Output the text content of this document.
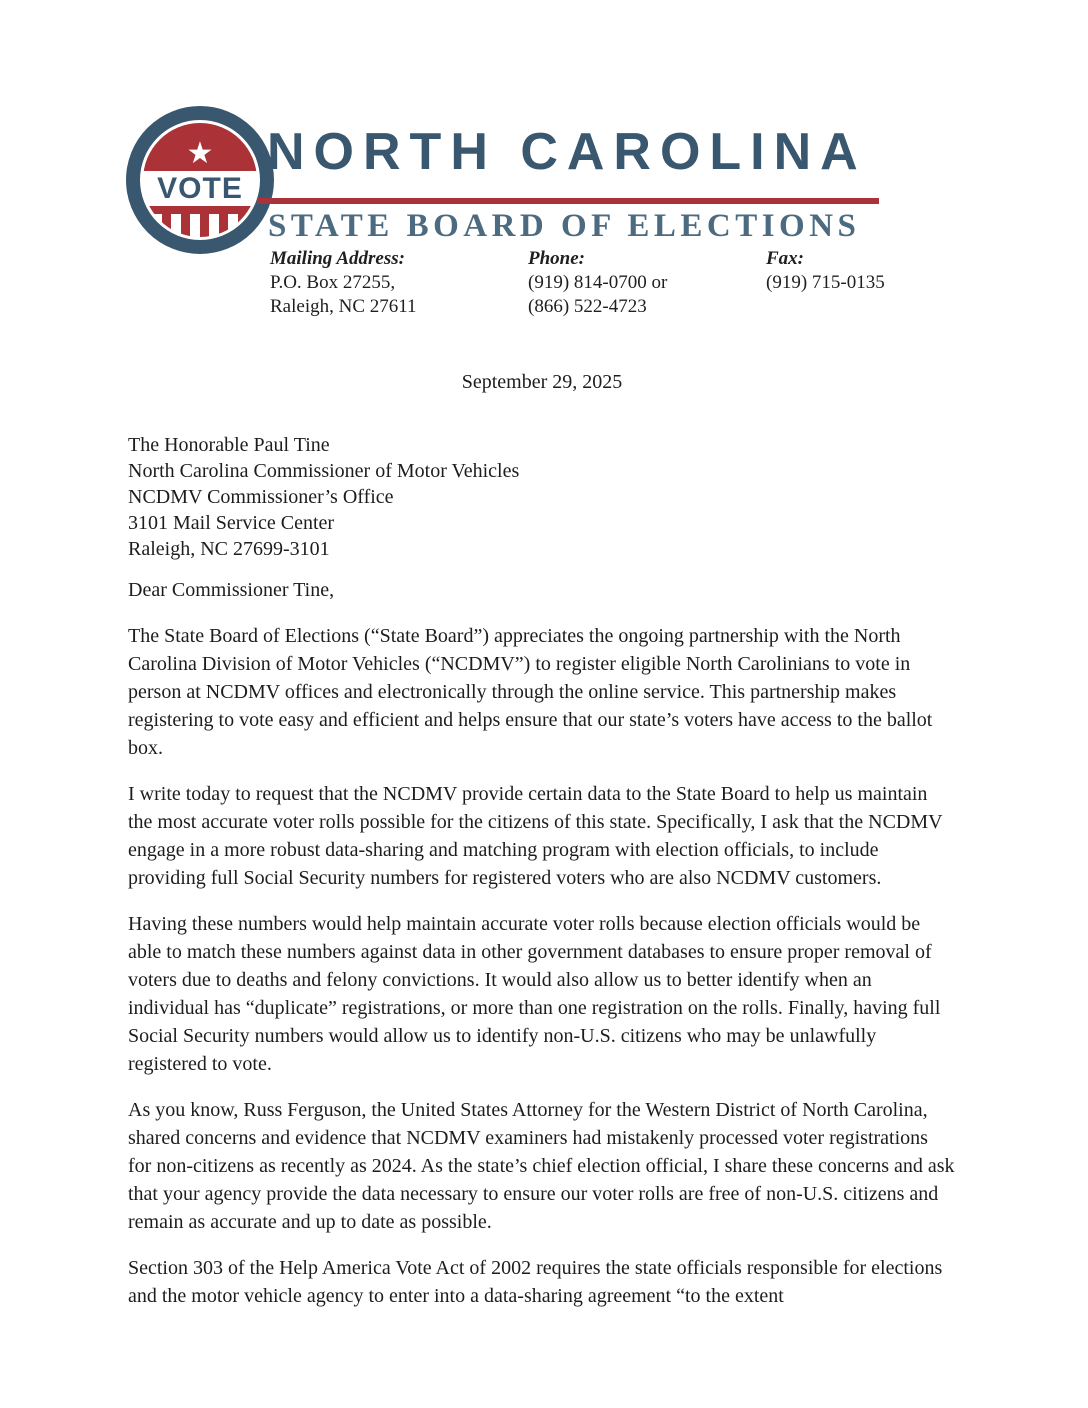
★
VOTE
NORTH CAROLINA
STATE BOARD OF ELECTIONS
Mailing Address:
P.O. Box 27255,
Raleigh, NC 27611
Phone:
(919) 814-0700 or
(866) 522-4723
Fax:
(919) 715-0135
September 29, 2025
The Honorable Paul Tine
North Carolina Commissioner of Motor Vehicles
NCDMV Commissioner’s Office
3101 Mail Service Center
Raleigh, NC 27699-3101
Dear Commissioner Tine,

The State Board of Elections (“State Board”) appreciates the ongoing partnership with the North Carolina Division of Motor Vehicles (“NCDMV”) to register eligible North Carolinians to vote in person at NCDMV offices and electronically through the online service. This partnership makes registering to vote easy and efficient and helps ensure that our state’s voters have access to the ballot box.

I write today to request that the NCDMV provide certain data to the State Board to help us maintain the most accurate voter rolls possible for the citizens of this state. Specifically, I ask that the NCDMV engage in a more robust data-sharing and matching program with election officials, to include providing full Social Security numbers for registered voters who are also NCDMV customers.

Having these numbers would help maintain accurate voter rolls because election officials would be able to match these numbers against data in other government databases to ensure proper removal of voters due to deaths and felony convictions. It would also allow us to better identify when an individual has “duplicate” registrations, or more than one registration on the rolls. Finally, having full Social Security numbers would allow us to identify non-U.S. citizens who may be unlawfully registered to vote.

As you know, Russ Ferguson, the United States Attorney for the Western District of North Carolina, shared concerns and evidence that NCDMV examiners had mistakenly processed voter registrations for non-citizens as recently as 2024. As the state’s chief election official, I share these concerns and ask that your agency provide the data necessary to ensure our voter rolls are free of non-U.S. citizens and remain as accurate and up to date as possible.

Section 303 of the Help America Vote Act of 2002 requires the state officials responsible for elections and the motor vehicle agency to enter into a data-sharing agreement “to the extent
